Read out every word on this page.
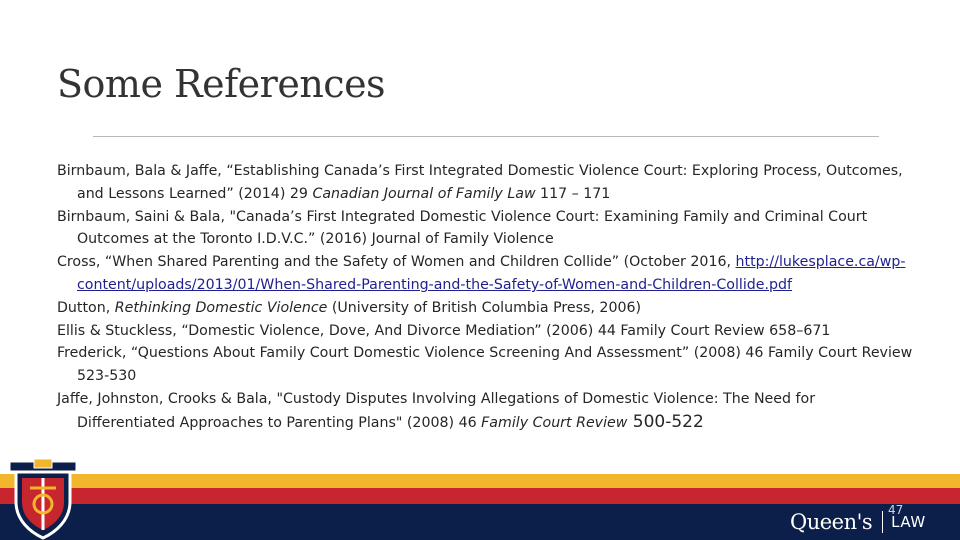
Some References

Birnbaum, Bala & Jaffe, “Establishing Canada’s First Integrated Domestic Violence Court: Exploring Process, Outcomes, and Lessons Learned” (2014) 29 Canadian Journal of Family Law 117 – 171

Birnbaum, Saini & Bala, "Canada’s First Integrated Domestic Violence Court: Examining Family and Criminal Court Outcomes at the Toronto I.D.V.C.” (2016) Journal of Family Violence

Cross, “When Shared Parenting and the Safety of Women and Children Collide” (October 2016, http://lukesplace.ca/wp-content/uploads/2013/01/When-Shared-Parenting-and-the-Safety-of-Women-and-Children-Collide.pdf

Dutton, Rethinking Domestic Violence (University of British Columbia Press, 2006)

Ellis & Stuckless, “Domestic Violence, Dove, And Divorce Mediation” (2006) 44 Family Court Review 658–671

Frederick, “Questions About Family Court Domestic Violence Screening And Assessment” (2008) 46 Family Court Review 523-530

Jaffe, Johnston, Crooks & Bala, "Custody Disputes Involving Allegations of Domestic Violence: The Need for Differentiated Approaches to Parenting Plans" (2008) 46 Family Court Review 500-522

47
Queen's LAW
